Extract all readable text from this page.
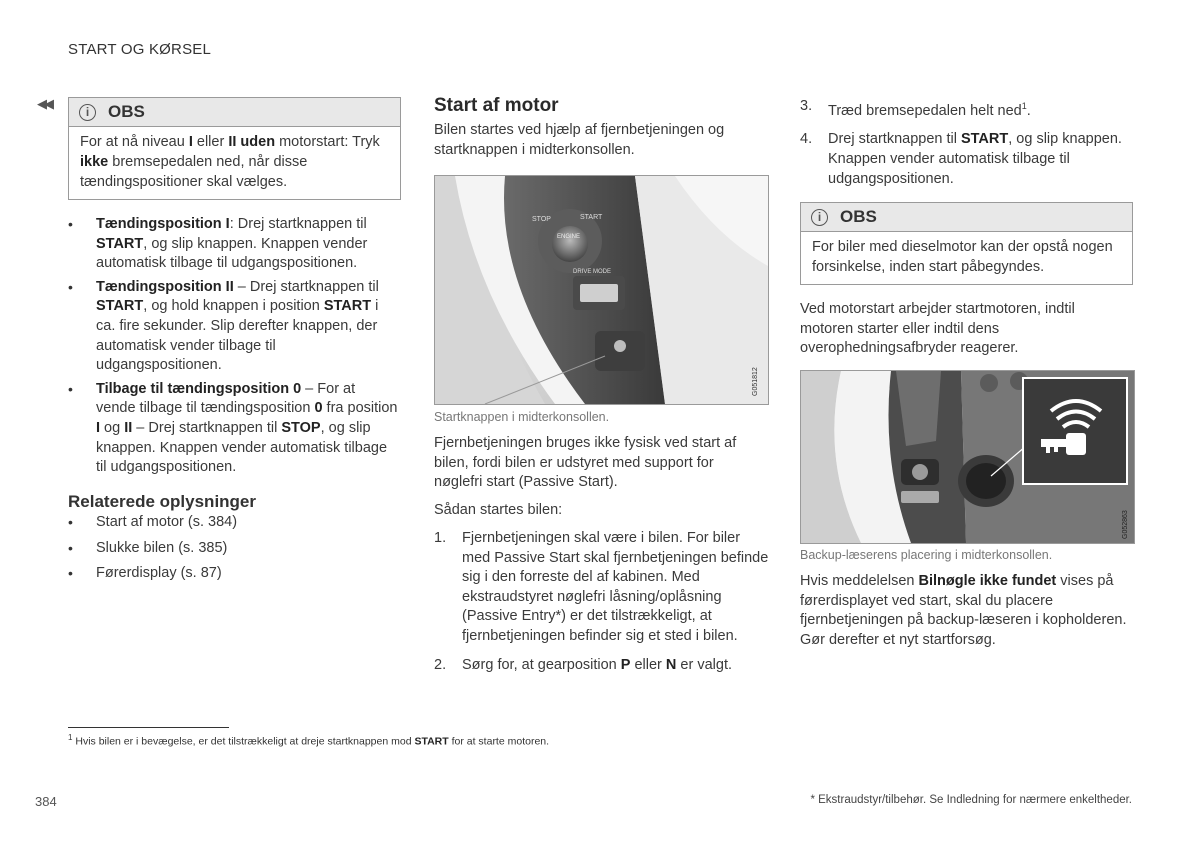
START OG KØRSEL
◀◀
i	OBS
For at nå niveau I eller II uden motorstart: Tryk ikke bremsepedalen ned, når disse tændingspositioner skal vælges.
• Tændingsposition I: Drej startknappen til START, og slip knappen. Knappen vender automatisk tilbage til udgangspositionen.
• Tændingsposition II – Drej startknappen til START, og hold knappen i position START i ca. fire sekunder. Slip derefter knappen, der automatisk vender tilbage til udgangspositionen.
• Tilbage til tændingsposition 0 – For at vende tilbage til tændingsposition 0 fra position I og II – Drej startknappen til STOP, og slip knappen. Knappen vender automatisk tilbage til udgangspositionen.
Relaterede oplysninger
• Start af motor (s. 384)
• Slukke bilen (s. 385)
• Førerdisplay (s. 87)
Start af motor
Bilen startes ved hjælp af fjernbetjeningen og startknappen i midterkonsollen.
STOP	START
ENGINE
DRIVE MODE
G051812
Startknappen i midterkonsollen.
Fjernbetjeningen bruges ikke fysisk ved start af bilen, fordi bilen er udstyret med support for nøglefri start (Passive Start).
Sådan startes bilen:
1. Fjernbetjeningen skal være i bilen. For biler med Passive Start skal fjernbetjeningen befinde sig i den forreste del af kabinen. Med ekstraudstyret nøglefri låsning/oplåsning (Passive Entry*) er det tilstrækkeligt, at fjernbetjeningen befinder sig et sted i bilen.
2. Sørg for, at gearposition P eller N er valgt.
3. Træd bremsepedalen helt ned$^1$.
4. Drej startknappen til START, og slip knappen. Knappen vender automatisk tilbage til udgangspositionen.
i	OBS
For biler med dieselmotor kan der opstå nogen forsinkelse, inden start påbegyndes.
Ved motorstart arbejder startmotoren, indtil motoren starter eller indtil dens overophedningsafbryder reagerer.
G052863
Backup-læserens placering i midterkonsollen.
Hvis meddelelsen Bilnøgle ikke fundet vises på førerdisplayet ved start, skal du placere fjernbetjeningen på backup-læseren i kopholderen. Gør derefter et nyt startforsøg.
$^1$ Hvis bilen er i bevægelse, er det tilstrækkeligt at dreje startknappen mod START for at starte motoren.
384	* Ekstraudstyr/tilbehør. Se Indledning for nærmere enkeltheder.
